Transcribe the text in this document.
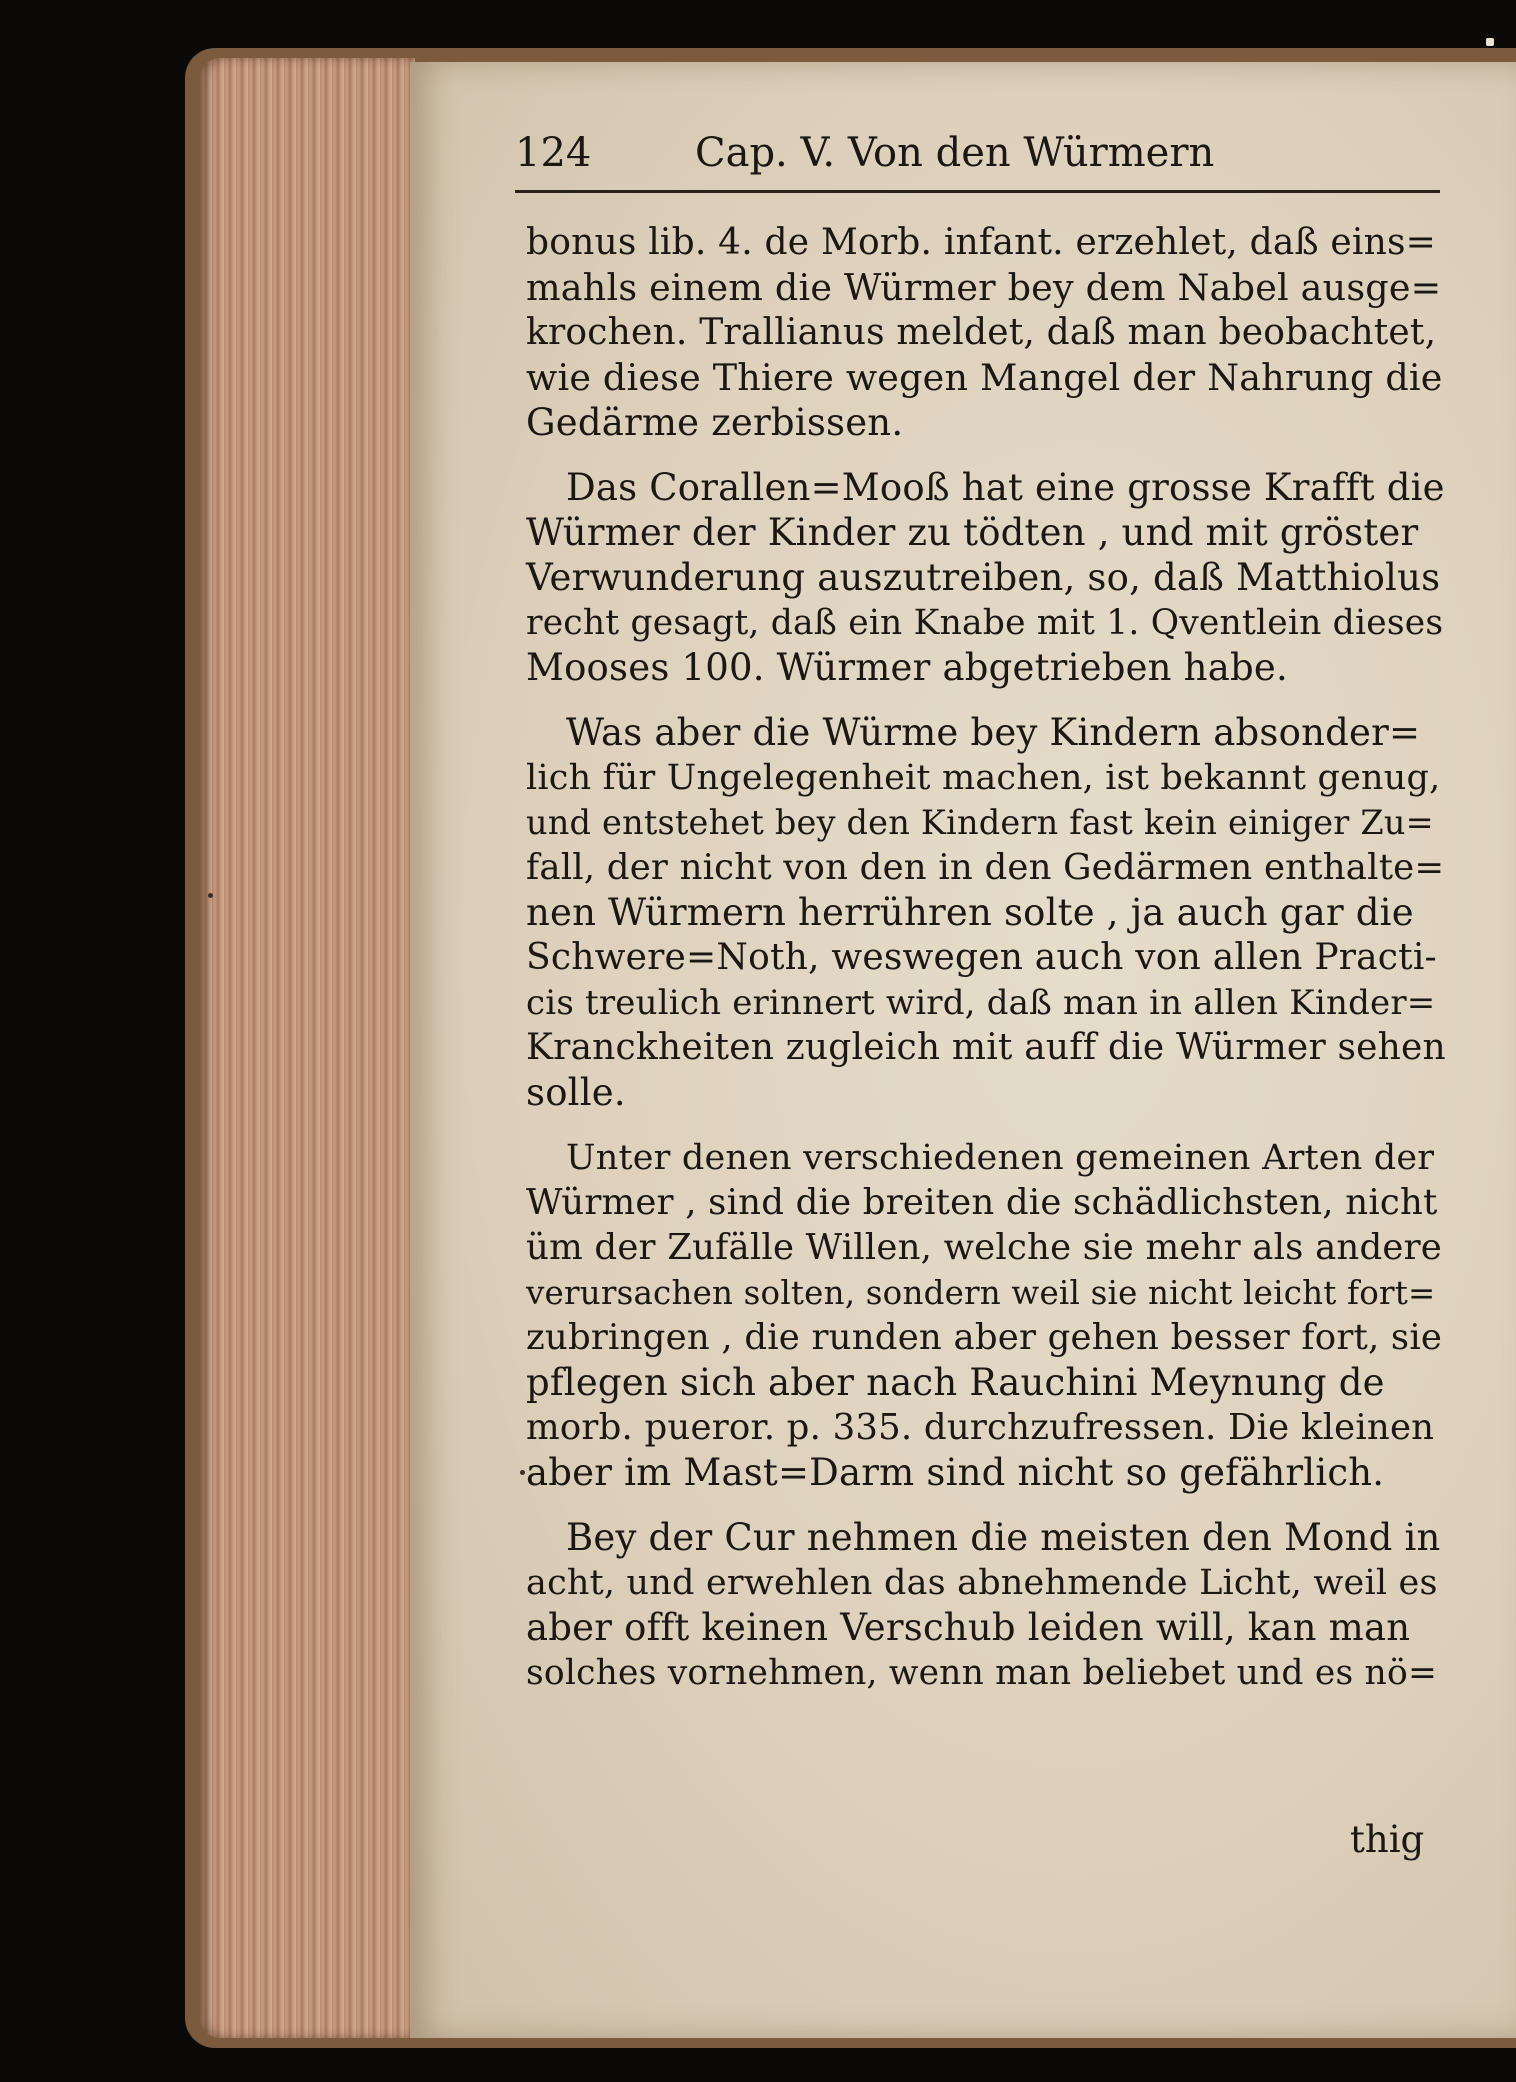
124	Cap. V. Von den Würmern
bonus lib. 4. de Morb. infant. erzehlet, daß eins=
mahls einem die Würmer bey dem Nabel ausge=
krochen. Trallianus meldet, daß man beobachtet,
wie diese Thiere wegen Mangel der Nahrung die
Gedärme zerbissen.
Das Corallen=Mooß hat eine grosse Krafft die
Würmer der Kinder zu tödten , und mit gröster
Verwunderung auszutreiben, so, daß Matthiolus
recht gesagt, daß ein Knabe mit 1. Qventlein dieses
Mooses 100. Würmer abgetrieben habe.
Was aber die Würme bey Kindern absonder=
lich für Ungelegenheit machen, ist bekannt genug,
und entstehet bey den Kindern fast kein einiger Zu=
fall, der nicht von den in den Gedärmen enthalte=
nen Würmern herrühren solte , ja auch gar die
Schwere=Noth, weswegen auch von allen Practi-
cis treulich erinnert wird, daß man in allen Kinder=
Kranckheiten zugleich mit auff die Würmer sehen
solle.
Unter denen verschiedenen gemeinen Arten der
Würmer , sind die breiten die schädlichsten, nicht
üm der Zufälle Willen, welche sie mehr als andere
verursachen solten, sondern weil sie nicht leicht fort=
zubringen , die runden aber gehen besser fort, sie
pflegen sich aber nach Rauchini Meynung de
morb. pueror. p. 335. durchzufressen. Die kleinen
aber im Mast=Darm sind nicht so gefährlich.
Bey der Cur nehmen die meisten den Mond in
acht, und erwehlen das abnehmende Licht, weil es
aber offt keinen Verschub leiden will, kan man
solches vornehmen, wenn man beliebet und es nö=
thig
